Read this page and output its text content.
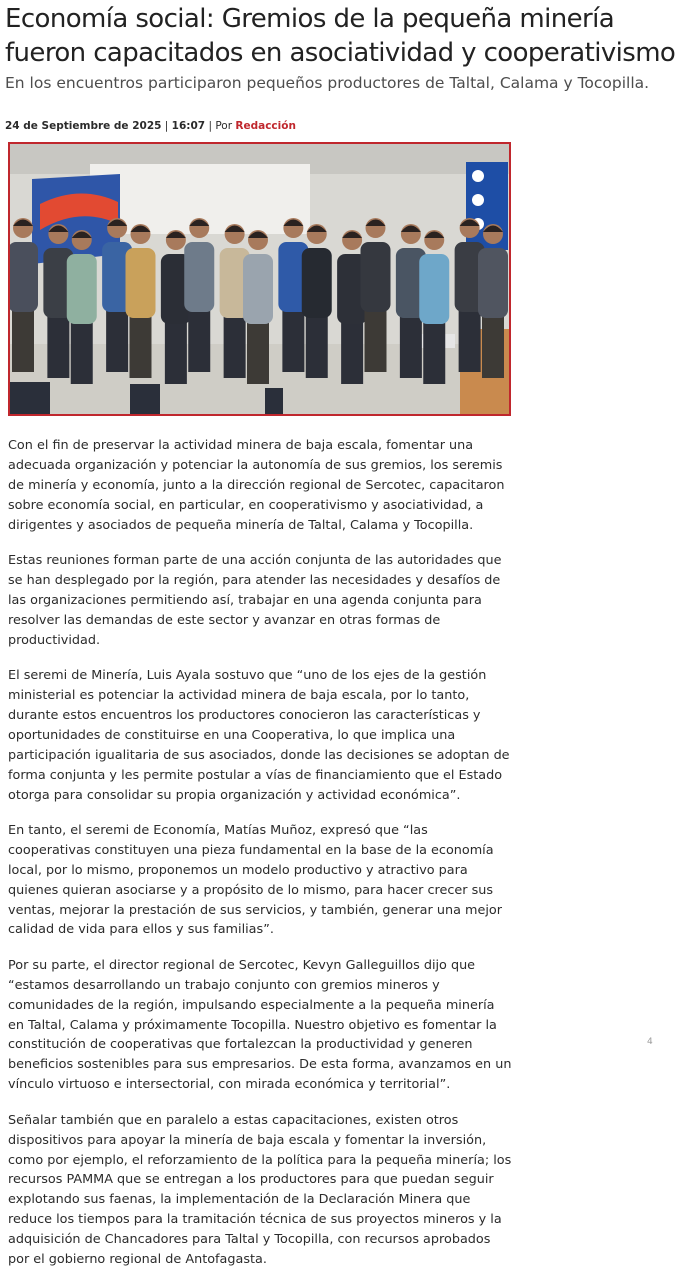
Economía social: Gremios de la pequeña minería fueron capacitados en asociatividad y cooperativismo

En los encuentros participaron pequeños productores de Taltal, Calama y Tocopilla.

24 de Septiembre de 2025 | 16:07 | Por Redacción

Con el fin de preservar la actividad minera de baja escala, fomentar una adecuada organización y potenciar la autonomía de sus gremios, los seremis de minería y economía, junto a la dirección regional de Sercotec, capacitaron sobre economía social, en particular, en cooperativismo y asociatividad, a dirigentes y asociados de pequeña minería de Taltal, Calama y Tocopilla.

Estas reuniones forman parte de una acción conjunta de las autoridades que se han desplegado por la región, para atender las necesidades y desafíos de las organizaciones permitiendo así, trabajar en una agenda conjunta para resolver las demandas de este sector y avanzar en otras formas de productividad.

El seremi de Minería, Luis Ayala sostuvo que “uno de los ejes de la gestión ministerial es potenciar la actividad minera de baja escala, por lo tanto, durante estos encuentros los productores conocieron las características y oportunidades de constituirse en una Cooperativa, lo que implica una participación igualitaria de sus asociados, donde las decisiones se adoptan de forma conjunta y les permite postular a vías de financiamiento que el Estado otorga para consolidar su propia organización y actividad económica”.

En tanto, el seremi de Economía, Matías Muñoz, expresó que “las cooperativas constituyen una pieza fundamental en la base de la economía local, por lo mismo, proponemos un modelo productivo y atractivo para quienes quieran asociarse y a propósito de lo mismo, para hacer crecer sus ventas, mejorar la prestación de sus servicios, y también, generar una mejor calidad de vida para ellos y sus familias”.

Por su parte, el director regional de Sercotec, Kevyn Galleguillos dijo que “estamos desarrollando un trabajo conjunto con gremios mineros y comunidades de la región, impulsando especialmente a la pequeña minería en Taltal, Calama y próximamente Tocopilla. Nuestro objetivo es fomentar la constitución de cooperativas que fortalezcan la productividad y generen beneficios sostenibles para sus empresarios. De esta forma, avanzamos en un vínculo virtuoso e intersectorial, con mirada económica y territorial”.

Señalar también que en paralelo a estas capacitaciones, existen otros dispositivos para apoyar la minería de baja escala y fomentar la inversión, como por ejemplo, el reforzamiento de la política para la pequeña minería; los recursos PAMMA que se entregan a los productores para que puedan seguir explotando sus faenas, la implementación de la Declaración Minera que reduce los tiempos para la tramitación técnica de sus proyectos mineros y la adquisición de Chancadores para Taltal y Tocopilla, con recursos aprobados por el gobierno regional de Antofagasta.

4
